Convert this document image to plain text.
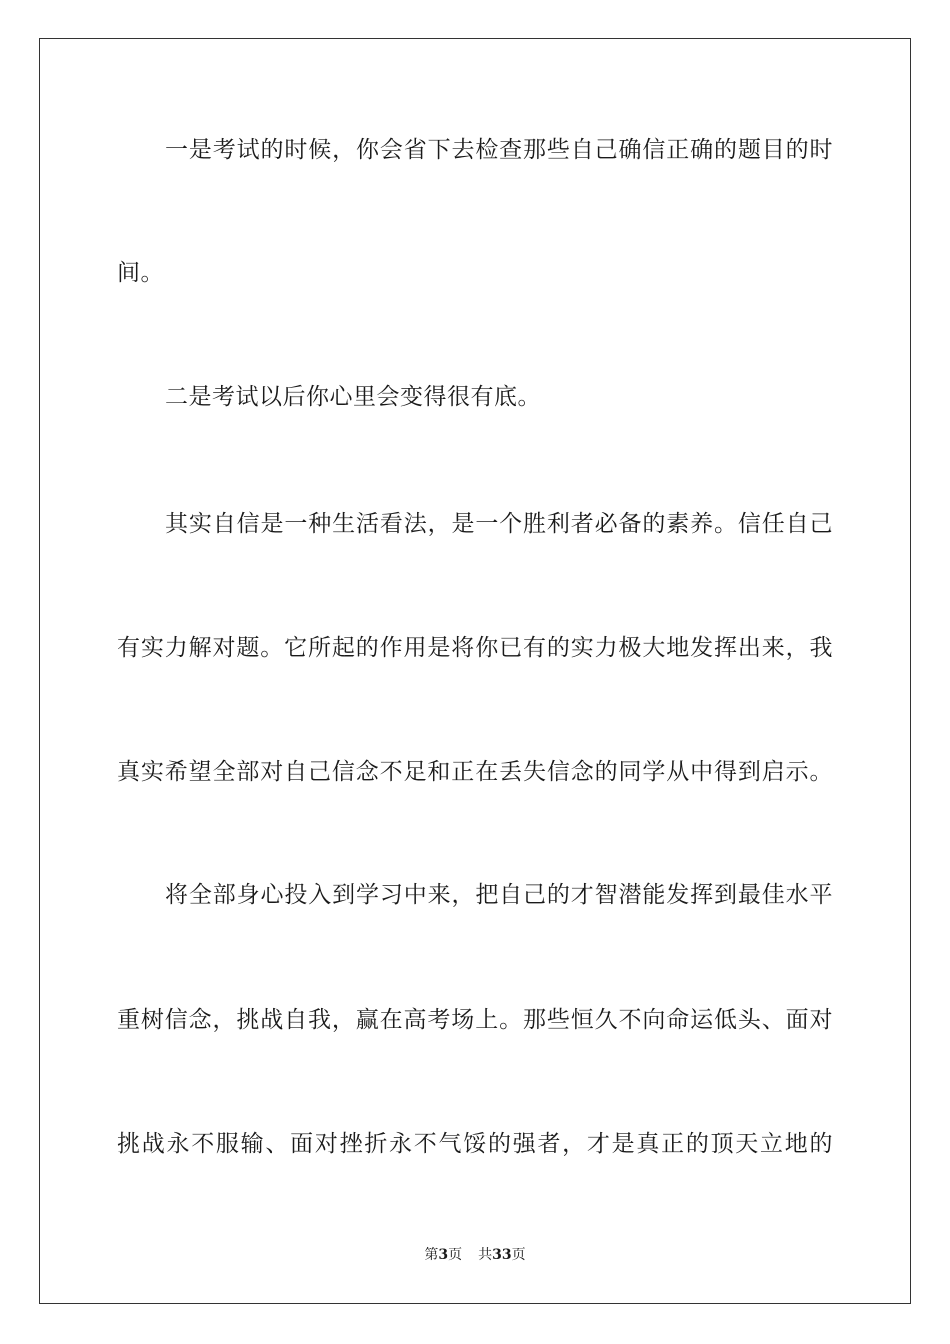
一是考试的时候，你会省下去检查那些自己确信正确的题目的时
间。
二是考试以后你心里会变得很有底。
其实自信是一种生活看法，是一个胜利者必备的素养。信任自己
有实力解对题。它所起的作用是将你已有的实力极大地发挥出来，我
真实希望全部对自己信念不足和正在丢失信念的同学从中得到启示。
将全部身心投入到学习中来，把自己的才智潜能发挥到最佳水平
重树信念，挑战自我，赢在高考场上。那些恒久不向命运低头、面对
挑战永不服输、面对挫折永不气馁的强者，才是真正的顶天立地的
第3页 共33页
